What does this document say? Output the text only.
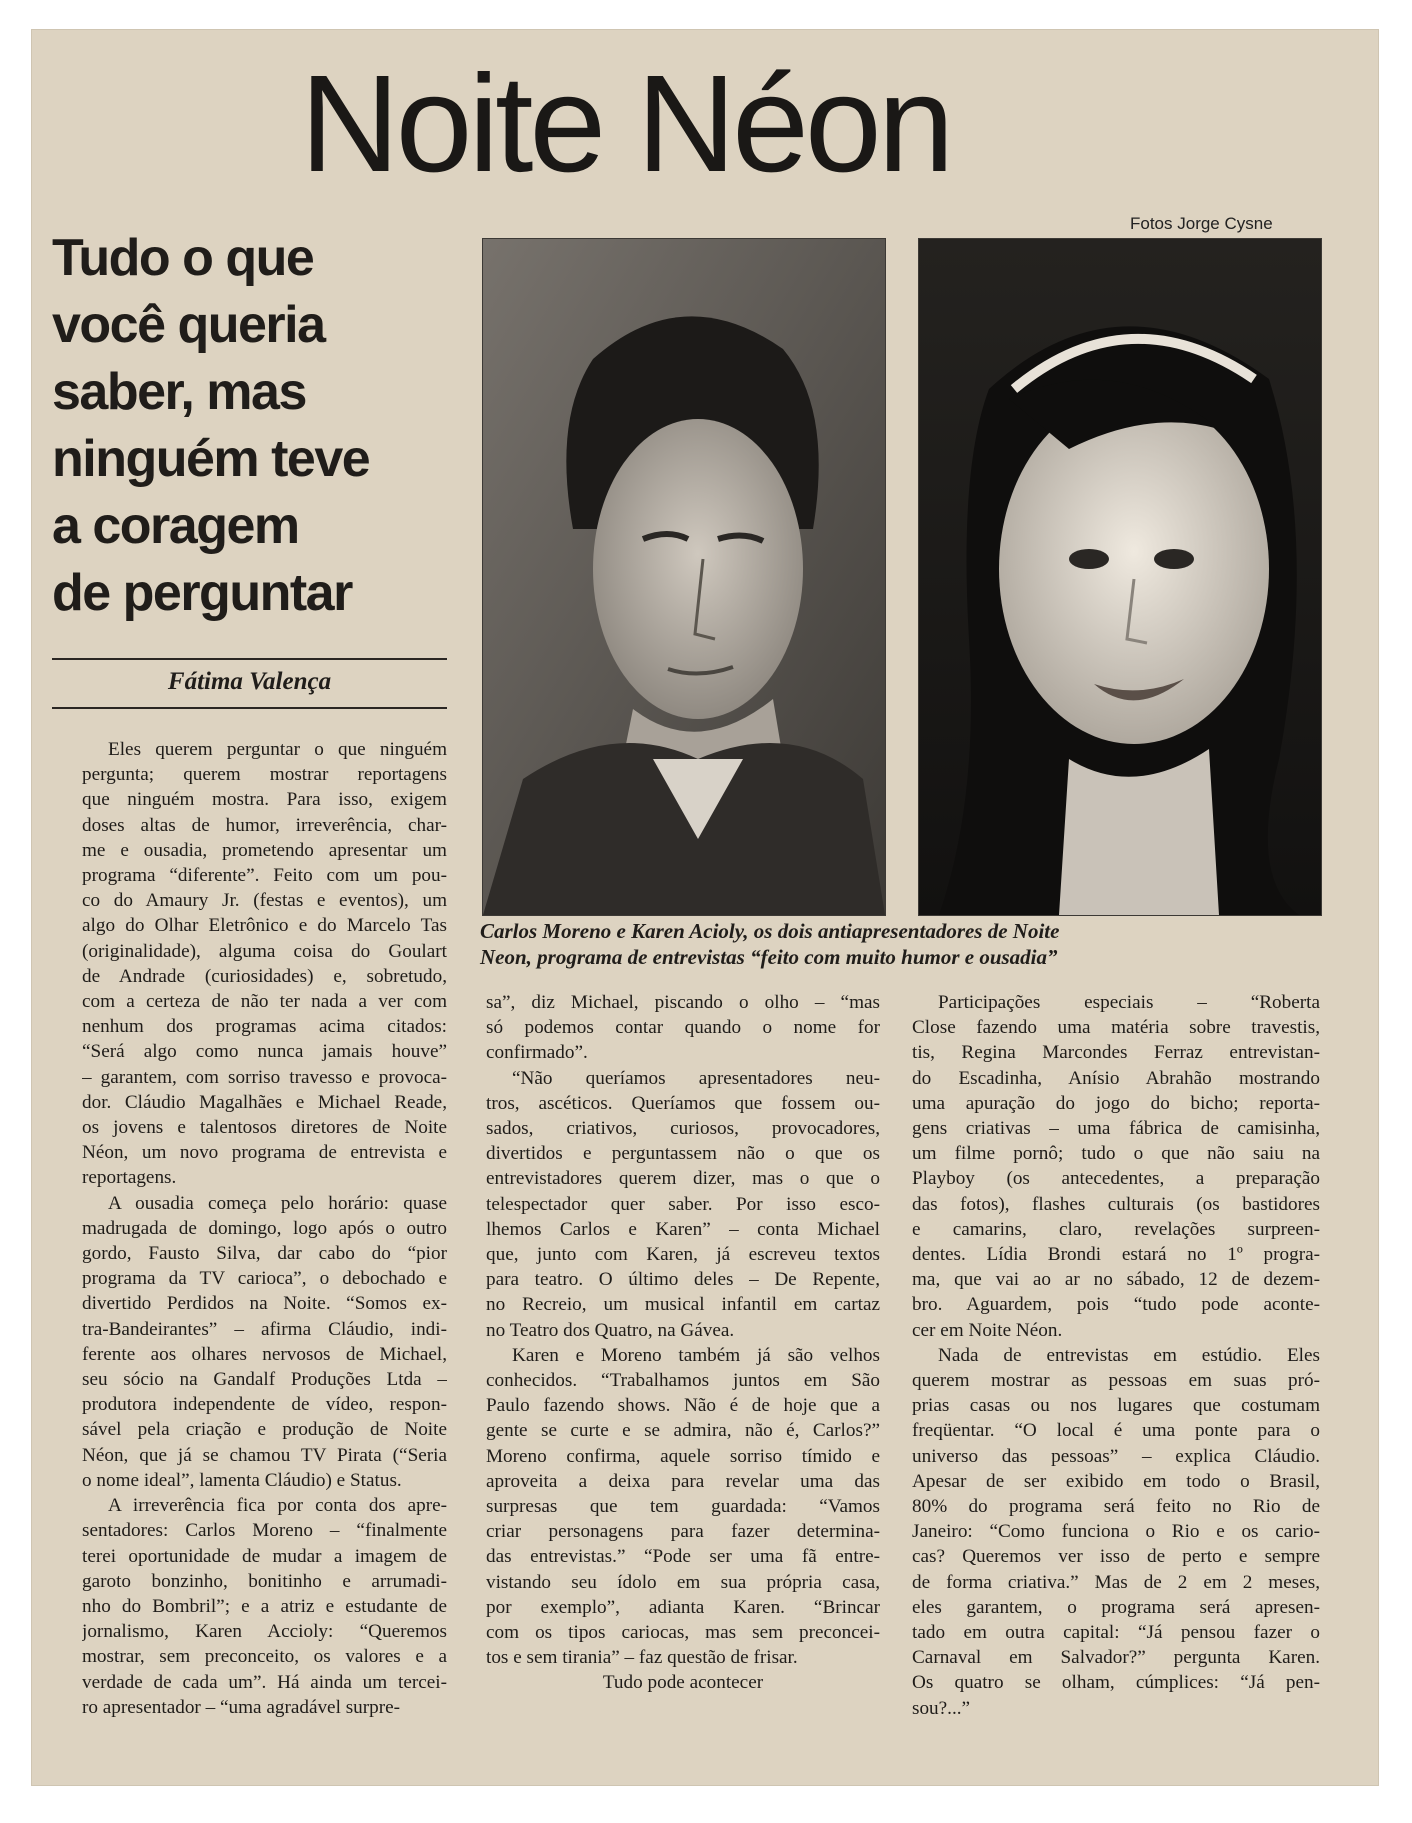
Noite Néon
Fotos Jorge Cysne
Tudo o que
você queria
saber, mas
ninguém teve
a coragem
de perguntar
Fátima Valença
Carlos Moreno e Karen Acioly, os dois antiapresentadores de Noite
Neon, programa de entrevistas “feito com muito humor e ousadia”
Eles querem perguntar o que ninguém
pergunta; querem mostrar reportagens
que ninguém mostra. Para isso, exigem
doses altas de humor, irreverência, char-
me e ousadia, prometendo apresentar um
programa “diferente”. Feito com um pou-
co do Amaury Jr. (festas e eventos), um
algo do Olhar Eletrônico e do Marcelo Tas
(originalidade), alguma coisa do Goulart
de Andrade (curiosidades) e, sobretudo,
com a certeza de não ter nada a ver com
nenhum dos programas acima citados:
“Será algo como nunca jamais houve”
– garantem, com sorriso travesso e provoca-
dor. Cláudio Magalhães e Michael Reade,
os jovens e talentosos diretores de Noite
Néon, um novo programa de entrevista e
reportagens.
A ousadia começa pelo horário: quase
madrugada de domingo, logo após o outro
gordo, Fausto Silva, dar cabo do “pior
programa da TV carioca”, o debochado e
divertido Perdidos na Noite. “Somos ex-
tra-Bandeirantes” – afirma Cláudio, indi-
ferente aos olhares nervosos de Michael,
seu sócio na Gandalf Produções Ltda –
produtora independente de vídeo, respon-
sável pela criação e produção de Noite
Néon, que já se chamou TV Pirata (“Seria
o nome ideal”, lamenta Cláudio) e Status.
A irreverência fica por conta dos apre-
sentadores: Carlos Moreno – “finalmente
terei oportunidade de mudar a imagem de
garoto bonzinho, bonitinho e arrumadi-
nho do Bombril”; e a atriz e estudante de
jornalismo, Karen Accioly: “Queremos
mostrar, sem preconceito, os valores e a
verdade de cada um”. Há ainda um tercei-
ro apresentador – “uma agradável surpre-
sa”, diz Michael, piscando o olho – “mas
só podemos contar quando o nome for
confirmado”.
“Não queríamos apresentadores neu-
tros, ascéticos. Queríamos que fossem ou-
sados, criativos, curiosos, provocadores,
divertidos e perguntassem não o que os
entrevistadores querem dizer, mas o que o
telespectador quer saber. Por isso esco-
lhemos Carlos e Karen” – conta Michael
que, junto com Karen, já escreveu textos
para teatro. O último deles – De Repente,
no Recreio, um musical infantil em cartaz
no Teatro dos Quatro, na Gávea.
Karen e Moreno também já são velhos
conhecidos. “Trabalhamos juntos em São
Paulo fazendo shows. Não é de hoje que a
gente se curte e se admira, não é, Carlos?”
Moreno confirma, aquele sorriso tímido e
aproveita a deixa para revelar uma das
surpresas que tem guardada: “Vamos
criar personagens para fazer determina-
das entrevistas.” “Pode ser uma fã entre-
vistando seu ídolo em sua própria casa,
por exemplo”, adianta Karen. “Brincar
com os tipos cariocas, mas sem preconcei-
tos e sem tirania” – faz questão de frisar.
Tudo pode acontecer
Participações especiais – “Roberta
Close fazendo uma matéria sobre travestis,
tis, Regina Marcondes Ferraz entrevistan-
do Escadinha, Anísio Abrahão mostrando
uma apuração do jogo do bicho; reporta-
gens criativas – uma fábrica de camisinha,
um filme pornô; tudo o que não saiu na
Playboy (os antecedentes, a preparação
das fotos), flashes culturais (os bastidores
e camarins, claro, revelações surpreen-
dentes. Lídia Brondi estará no 1º progra-
ma, que vai ao ar no sábado, 12 de dezem-
bro. Aguardem, pois “tudo pode aconte-
cer em Noite Néon.
Nada de entrevistas em estúdio. Eles
querem mostrar as pessoas em suas pró-
prias casas ou nos lugares que costumam
freqüentar. “O local é uma ponte para o
universo das pessoas” – explica Cláudio.
Apesar de ser exibido em todo o Brasil,
80% do programa será feito no Rio de
Janeiro: “Como funciona o Rio e os cario-
cas? Queremos ver isso de perto e sempre
de forma criativa.” Mas de 2 em 2 meses,
eles garantem, o programa será apresen-
tado em outra capital: “Já pensou fazer o
Carnaval em Salvador?” pergunta Karen.
Os quatro se olham, cúmplices: “Já pen-
sou?...”
